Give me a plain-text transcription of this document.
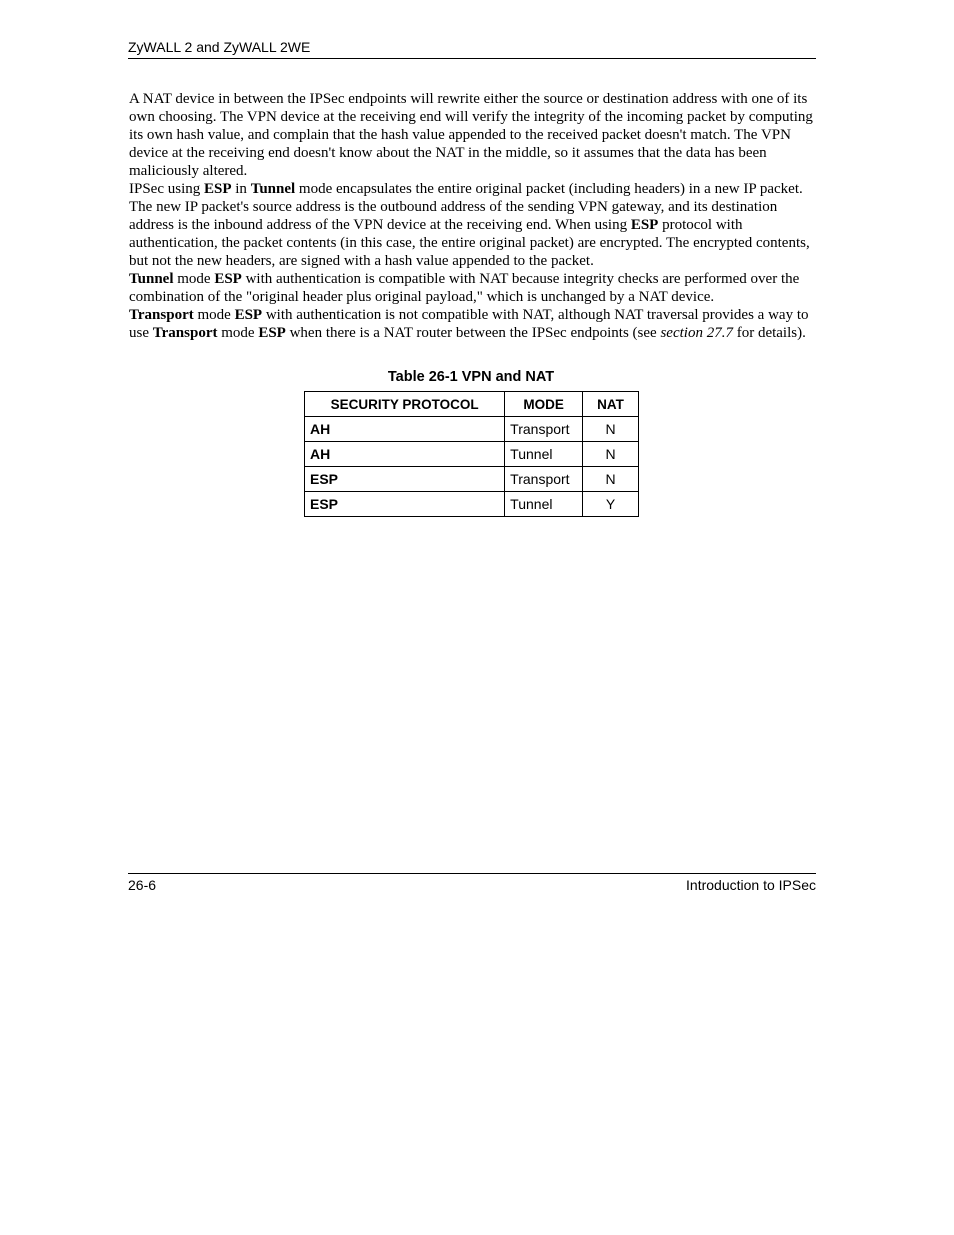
ZyWALL 2 and ZyWALL 2WE

A NAT device in between the IPSec endpoints will rewrite either the source or destination address with one of its own choosing. The VPN device at the receiving end will verify the integrity of the incoming packet by computing its own hash value, and complain that the hash value appended to the received packet doesn't match. The VPN device at the receiving end doesn't know about the NAT in the middle, so it assumes that the data has been maliciously altered.

IPSec using ESP in Tunnel mode encapsulates the entire original packet (including headers) in a new IP packet. The new IP packet's source address is the outbound address of the sending VPN gateway, and its destination address is the inbound address of the VPN device at the receiving end. When using ESP protocol with authentication, the packet contents (in this case, the entire original packet) are encrypted. The encrypted contents, but not the new headers, are signed with a hash value appended to the packet.

Tunnel mode ESP with authentication is compatible with NAT because integrity checks are performed over the combination of the "original header plus original payload," which is unchanged by a NAT device.

Transport mode ESP with authentication is not compatible with NAT, although NAT traversal provides a way to use Transport mode ESP when there is a NAT router between the IPSec endpoints (see section 27.7 for details).

Table 26-1 VPN and NAT
SECURITY PROTOCOL	MODE	NAT
AH	Transport	N
AH	Tunnel	N
ESP	Transport	N
ESP	Tunnel	Y
26-6	Introduction to IPSec
